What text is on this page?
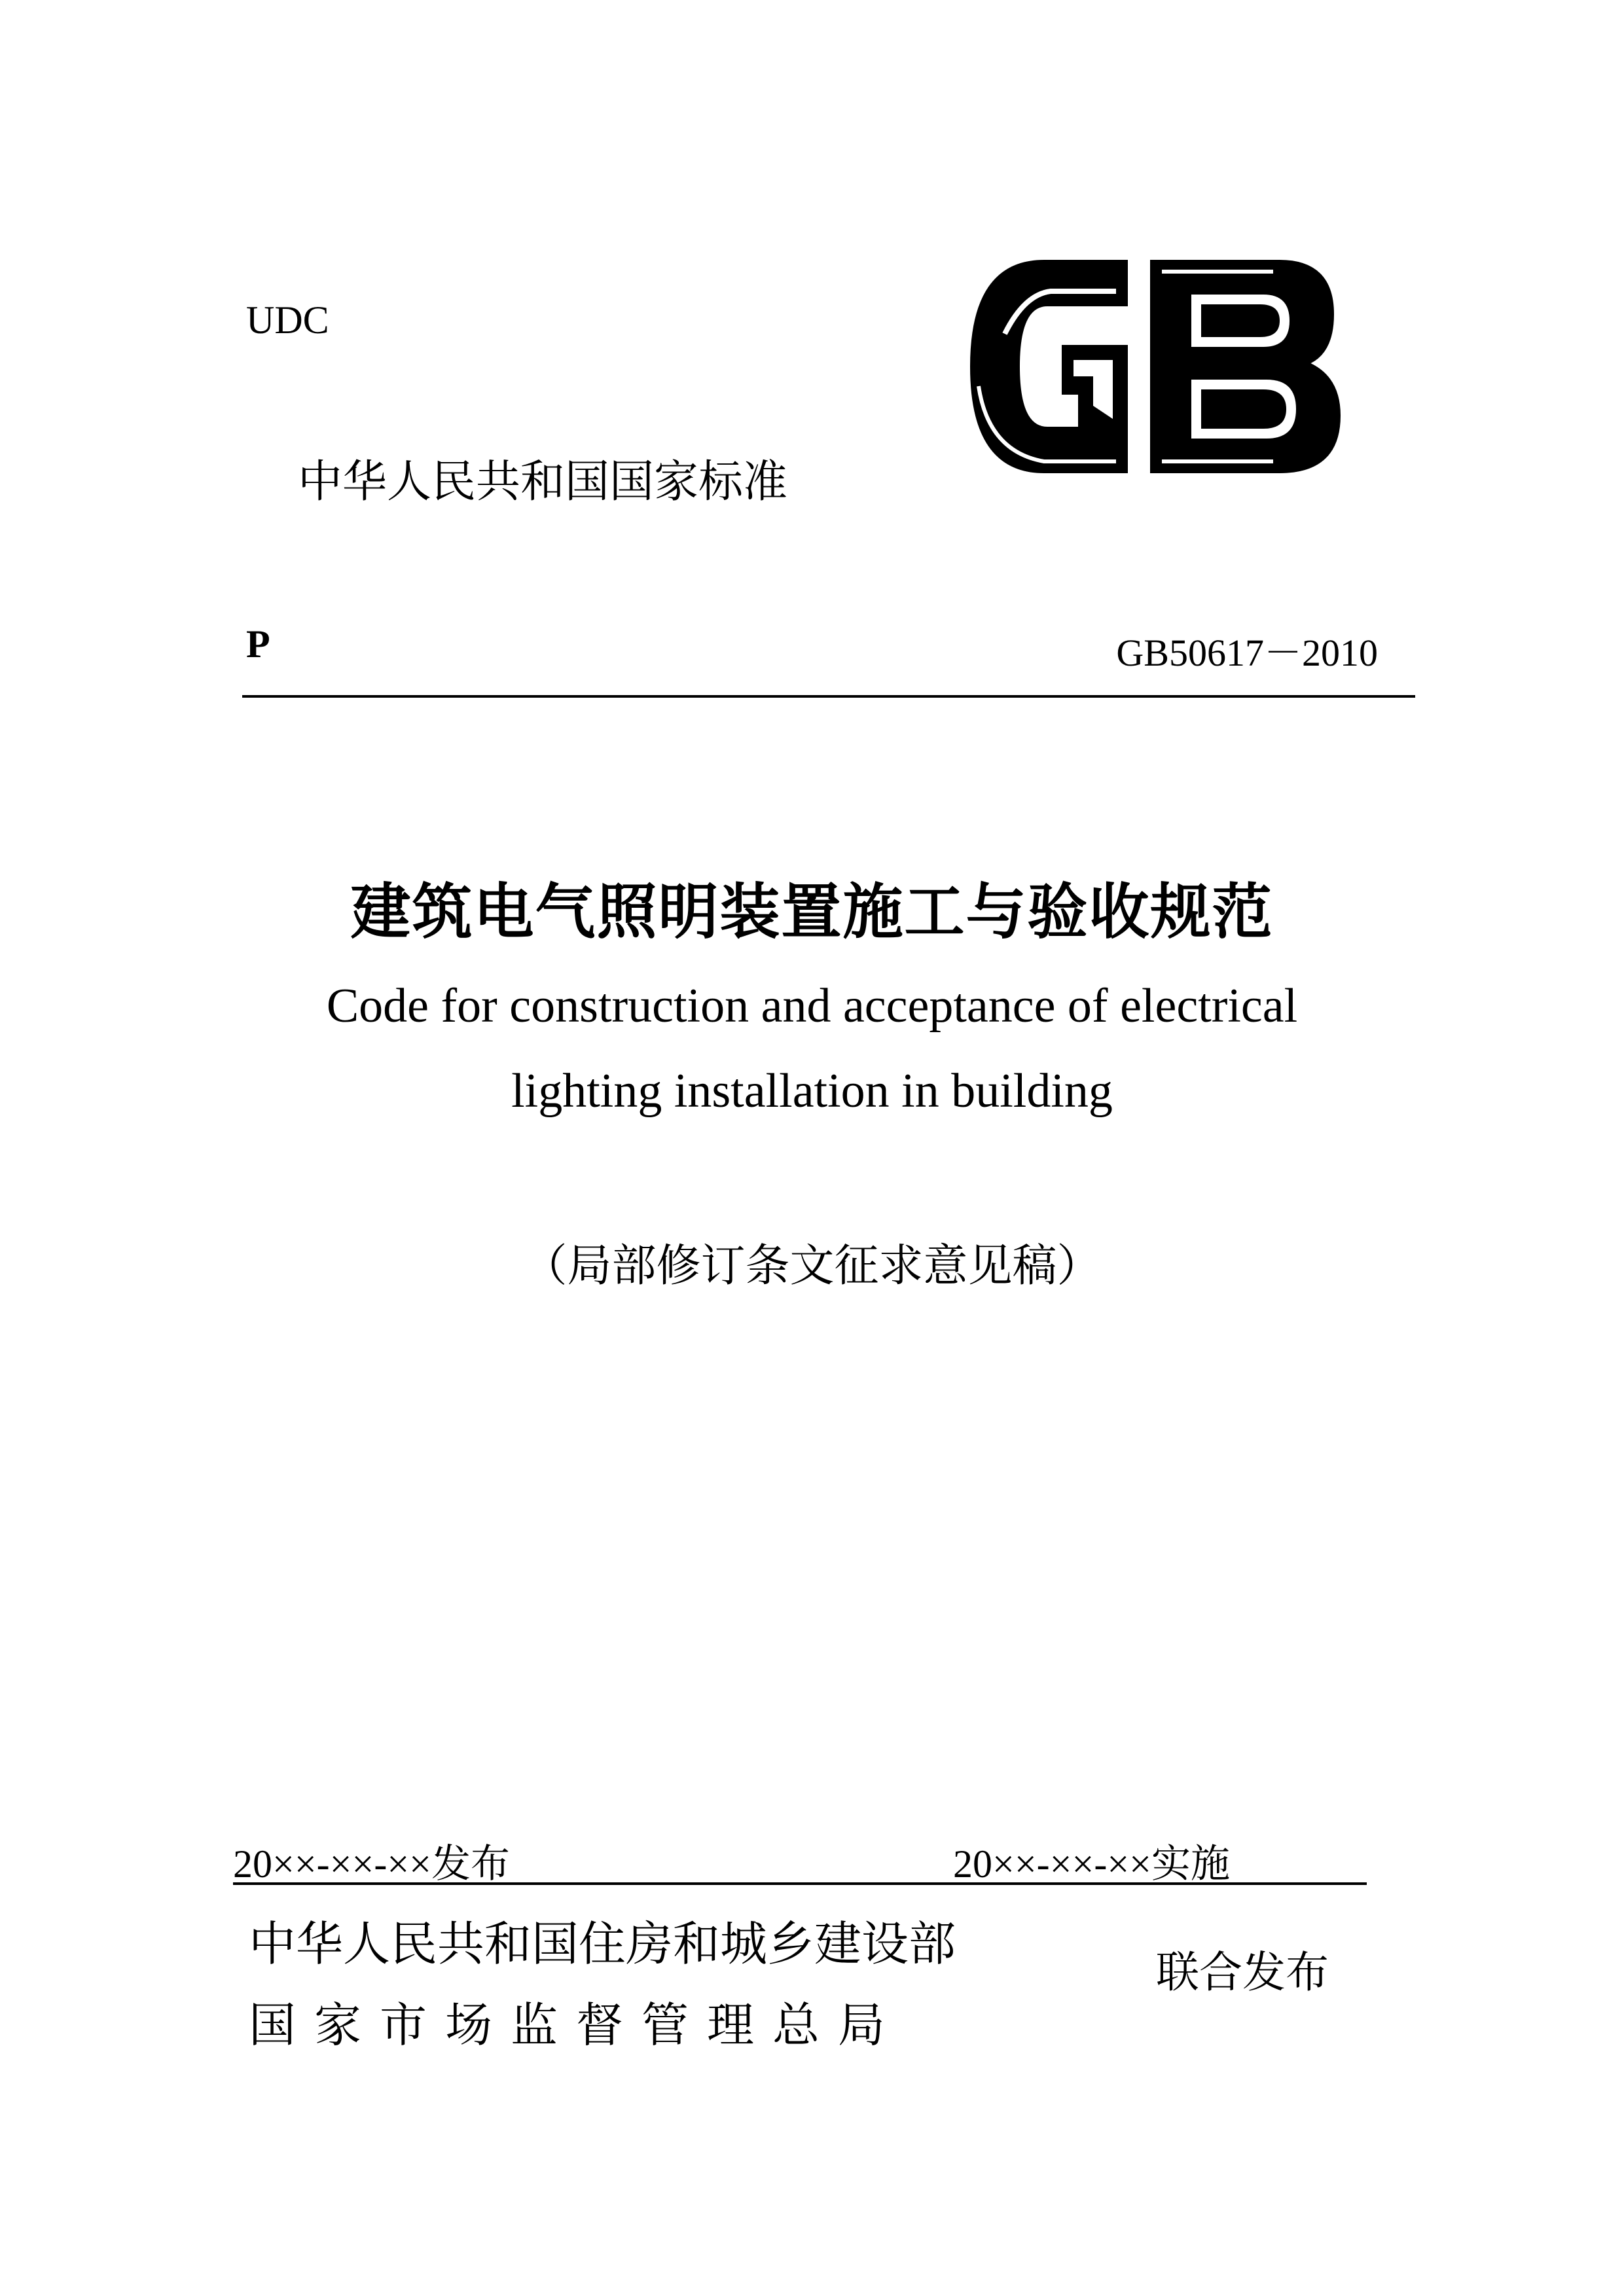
UDC
中华人民共和国国家标准
P	GB50617－2010
建筑电气照明装置施工与验收规范
Code for construction and acceptance of electrical
lighting installation in building
（局部修订条文征求意见稿）
20××-××-××发布	20××-××-××实施
中华人民共和国住房和城乡建设部
国家市场监督管理总局
联合发布
